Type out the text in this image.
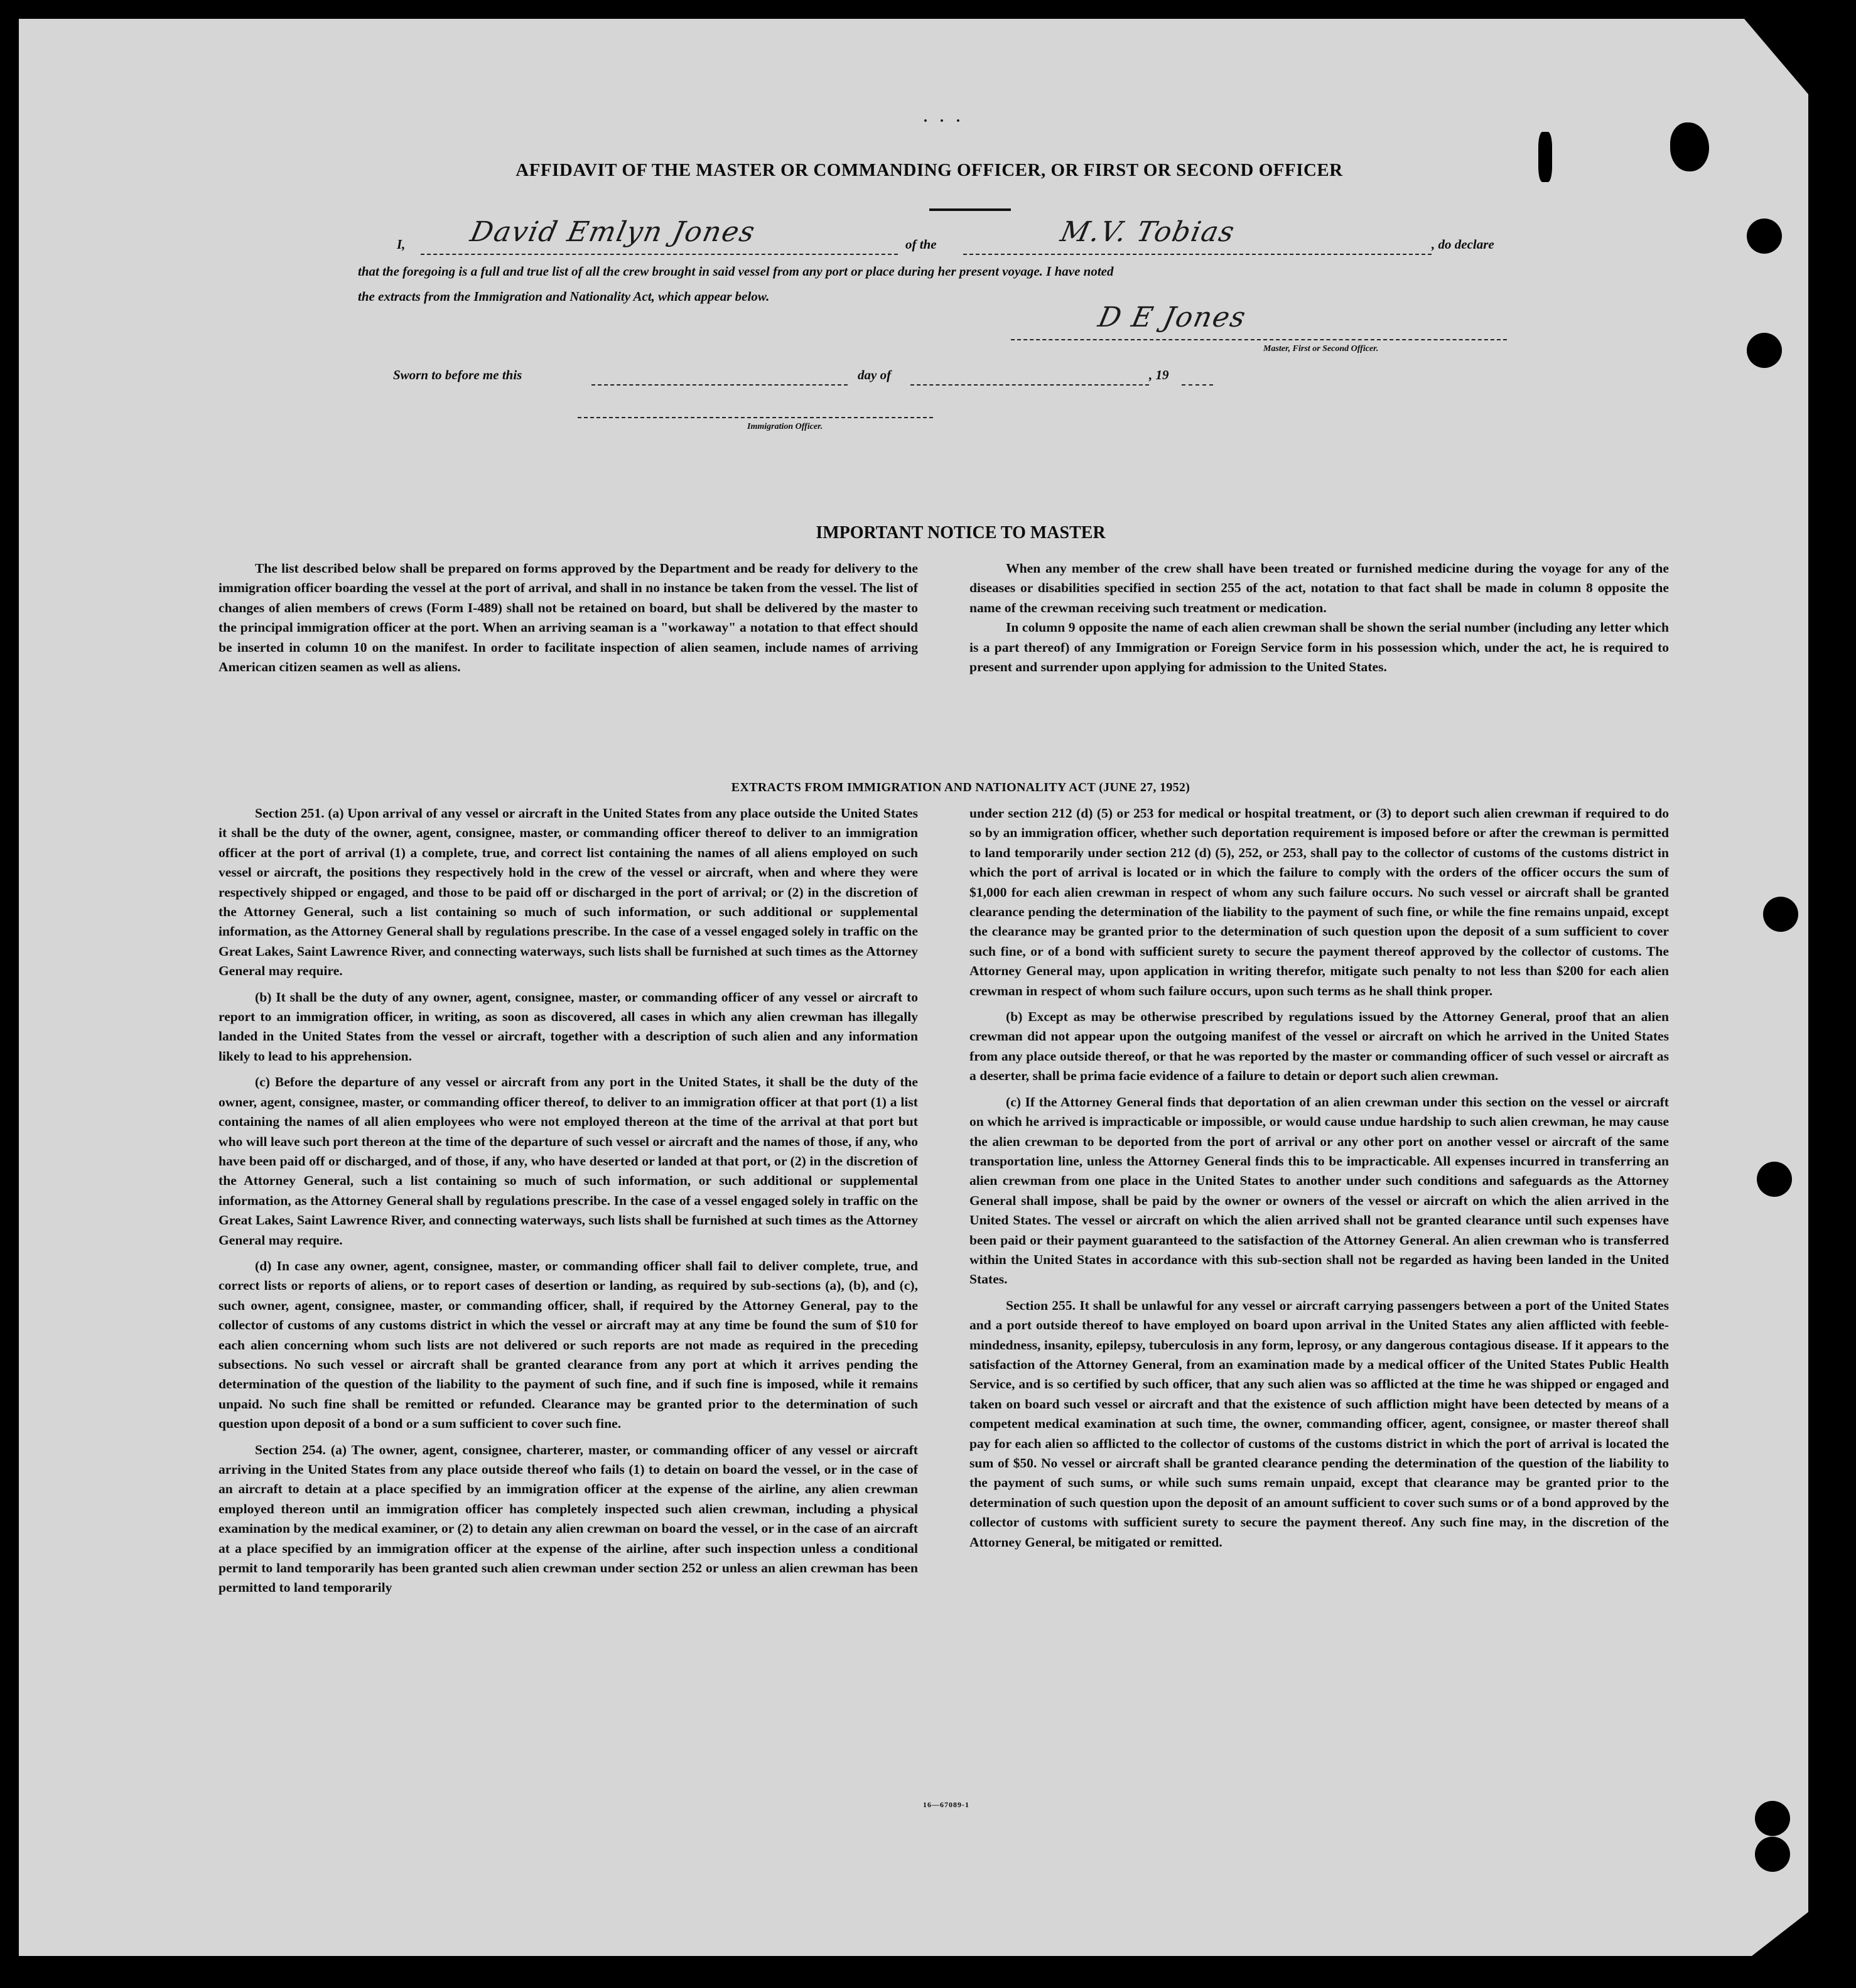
· · ·
AFFIDAVIT OF THE MASTER OR COMMANDING OFFICER, OR FIRST OR SECOND OFFICER
I, David Emlyn Jones	of the	M.V. Tobias	, do declare
that the foregoing is a full and true list of all the crew brought in said vessel from any port or place during her present voyage. I have noted
the extracts from the Immigration and Nationality Act, which appear below.
D E Jones
Master, First or Second Officer.
Sworn to before me this	day of	, 19
Immigration Officer.
IMPORTANT NOTICE TO MASTER

The list described below shall be prepared on forms approved by the Department and be ready for delivery to the immigration officer boarding the vessel at the port of arrival, and shall in no instance be taken from the vessel. The list of changes of alien members of crews (Form I-489) shall not be retained on board, but shall be delivered by the master to the principal immigration officer at the port. When an arriving seaman is a "workaway" a notation to that effect should be inserted in column 10 on the manifest. In order to facilitate inspection of alien seamen, include names of arriving American citizen seamen as well as aliens.

When any member of the crew shall have been treated or furnished medicine during the voyage for any of the diseases or disabilities specified in section 255 of the act, notation to that fact shall be made in column 8 opposite the name of the crewman receiving such treatment or medication.

In column 9 opposite the name of each alien crewman shall be shown the serial number (including any letter which is a part thereof) of any Immigration or Foreign Service form in his possession which, under the act, he is required to present and surrender upon applying for admission to the United States.

EXTRACTS FROM IMMIGRATION AND NATIONALITY ACT (JUNE 27, 1952)

Section 251. (a) Upon arrival of any vessel or aircraft in the United States from any place outside the United States it shall be the duty of the owner, agent, consignee, master, or commanding officer thereof to deliver to an immigration officer at the port of arrival (1) a complete, true, and correct list containing the names of all aliens employed on such vessel or aircraft, the positions they respectively hold in the crew of the vessel or aircraft, when and where they were respectively shipped or engaged, and those to be paid off or discharged in the port of arrival; or (2) in the discretion of the Attorney General, such a list containing so much of such information, or such additional or supplemental information, as the Attorney General shall by regulations prescribe. In the case of a vessel engaged solely in traffic on the Great Lakes, Saint Lawrence River, and connecting waterways, such lists shall be furnished at such times as the Attorney General may require.

(b) It shall be the duty of any owner, agent, consignee, master, or commanding officer of any vessel or aircraft to report to an immigration officer, in writing, as soon as discovered, all cases in which any alien crewman has illegally landed in the United States from the vessel or aircraft, together with a description of such alien and any information likely to lead to his apprehension.

(c) Before the departure of any vessel or aircraft from any port in the United States, it shall be the duty of the owner, agent, consignee, master, or commanding officer thereof, to deliver to an immigration officer at that port (1) a list containing the names of all alien employees who were not employed thereon at the time of the arrival at that port but who will leave such port thereon at the time of the departure of such vessel or aircraft and the names of those, if any, who have been paid off or discharged, and of those, if any, who have deserted or landed at that port, or (2) in the discretion of the Attorney General, such a list containing so much of such information, or such additional or supplemental information, as the Attorney General shall by regulations prescribe. In the case of a vessel engaged solely in traffic on the Great Lakes, Saint Lawrence River, and connecting waterways, such lists shall be furnished at such times as the Attorney General may require.

(d) In case any owner, agent, consignee, master, or commanding officer shall fail to deliver complete, true, and correct lists or reports of aliens, or to report cases of desertion or landing, as required by sub-sections (a), (b), and (c), such owner, agent, consignee, master, or commanding officer, shall, if required by the Attorney General, pay to the collector of customs of any customs district in which the vessel or aircraft may at any time be found the sum of $10 for each alien concerning whom such lists are not delivered or such reports are not made as required in the preceding subsections. No such vessel or aircraft shall be granted clearance from any port at which it arrives pending the determination of the question of the liability to the payment of such fine, and if such fine is imposed, while it remains unpaid. No such fine shall be remitted or refunded. Clearance may be granted prior to the determination of such question upon deposit of a bond or a sum sufficient to cover such fine.

Section 254. (a) The owner, agent, consignee, charterer, master, or commanding officer of any vessel or aircraft arriving in the United States from any place outside thereof who fails (1) to detain on board the vessel, or in the case of an aircraft to detain at a place specified by an immigration officer at the expense of the airline, any alien crewman employed thereon until an immigration officer has completely inspected such alien crewman, including a physical examination by the medical examiner, or (2) to detain any alien crewman on board the vessel, or in the case of an aircraft at a place specified by an immigration officer at the expense of the airline, after such inspection unless a conditional permit to land temporarily has been granted such alien crewman under section 252 or unless an alien crewman has been permitted to land temporarily

under section 212 (d) (5) or 253 for medical or hospital treatment, or (3) to deport such alien crewman if required to do so by an immigration officer, whether such deportation requirement is imposed before or after the crewman is permitted to land temporarily under section 212 (d) (5), 252, or 253, shall pay to the collector of customs of the customs district in which the port of arrival is located or in which the failure to comply with the orders of the officer occurs the sum of $1,000 for each alien crewman in respect of whom any such failure occurs. No such vessel or aircraft shall be granted clearance pending the determination of the liability to the payment of such fine, or while the fine remains unpaid, except the clearance may be granted prior to the determination of such question upon the deposit of a sum sufficient to cover such fine, or of a bond with sufficient surety to secure the payment thereof approved by the collector of customs. The Attorney General may, upon application in writing therefor, mitigate such penalty to not less than $200 for each alien crewman in respect of whom such failure occurs, upon such terms as he shall think proper.

(b) Except as may be otherwise prescribed by regulations issued by the Attorney General, proof that an alien crewman did not appear upon the outgoing manifest of the vessel or aircraft on which he arrived in the United States from any place outside thereof, or that he was reported by the master or commanding officer of such vessel or aircraft as a deserter, shall be prima facie evidence of a failure to detain or deport such alien crewman.

(c) If the Attorney General finds that deportation of an alien crewman under this section on the vessel or aircraft on which he arrived is impracticable or impossible, or would cause undue hardship to such alien crewman, he may cause the alien crewman to be deported from the port of arrival or any other port on another vessel or aircraft of the same transportation line, unless the Attorney General finds this to be impracticable. All expenses incurred in transferring an alien crewman from one place in the United States to another under such conditions and safeguards as the Attorney General shall impose, shall be paid by the owner or owners of the vessel or aircraft on which the alien arrived in the United States. The vessel or aircraft on which the alien arrived shall not be granted clearance until such expenses have been paid or their payment guaranteed to the satisfaction of the Attorney General. An alien crewman who is transferred within the United States in accordance with this sub-section shall not be regarded as having been landed in the United States.

Section 255. It shall be unlawful for any vessel or aircraft carrying passengers between a port of the United States and a port outside thereof to have employed on board upon arrival in the United States any alien afflicted with feeble-mindedness, insanity, epilepsy, tuberculosis in any form, leprosy, or any dangerous contagious disease. If it appears to the satisfaction of the Attorney General, from an examination made by a medical officer of the United States Public Health Service, and is so certified by such officer, that any such alien was so afflicted at the time he was shipped or engaged and taken on board such vessel or aircraft and that the existence of such affliction might have been detected by means of a competent medical examination at such time, the owner, commanding officer, agent, consignee, or master thereof shall pay for each alien so afflicted to the collector of customs of the customs district in which the port of arrival is located the sum of $50. No vessel or aircraft shall be granted clearance pending the determination of the question of the liability to the payment of such sums, or while such sums remain unpaid, except that clearance may be granted prior to the determination of such question upon the deposit of an amount sufficient to cover such sums or of a bond approved by the collector of customs with sufficient surety to secure the payment thereof. Any such fine may, in the discretion of the Attorney General, be mitigated or remitted.

16—67089-1
